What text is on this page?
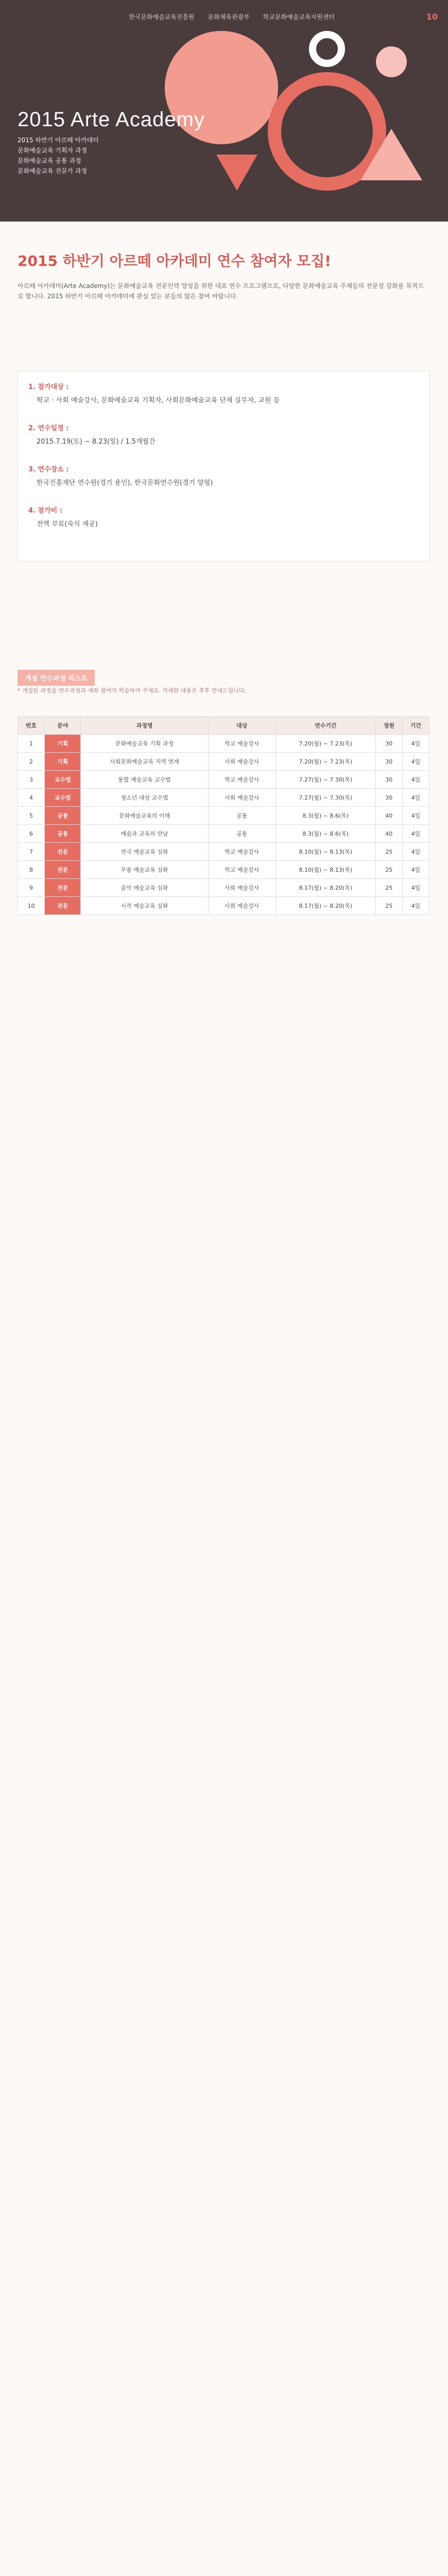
한국문화예술교육진흥원 문화체육관광부 학교문화예술교육지원센터	10
2015 Arte Academy
2015 하반기 아르떼 아카데미
문화예술교육 기획자 과정
문화예술교육 공통 과정
문화예술교육 전문가 과정
2015 하반기 아르떼 아카데미 연수 참여자 모집!
아르떼 아카데미(Arte Academy)는 문화예술교육 전문인력 양성을 위한 대표 연수 프로그램으로, 다양한 문화예술교육 주체들의 전문성 강화를 목적으로 합니다. 2015 하반기 아르떼 아카데미에 관심 있는 분들의 많은 참여 바랍니다.
1. 참가대상 :
학교 · 사회 예술강사, 문화예술교육 기획자, 사회문화예술교육 단체 실무자, 교원 등
2. 연수일정 :
2015.7.19(토) ~ 8.23(일) / 1.5개월간
3. 연수장소 :
한국진흥재단 연수원(경기 용인), 한국문화연수원(경기 양평)
4. 참가비 :
전액 무료(숙식 제공)
개설 연수과정 리스트
* 개설된 과정을 연수과정과 계좌 참여자 학습하여 주세요. 자세한 내용은 추후 안내드립니다.
번호	분야	과정명	대상	연수기간	정원	기간
1	기획	문화예술교육 기획 과정	학교 예술강사	7.20(월) ~ 7.23(목)	30	4일
2	기획	사회문화예술교육 지역 연계	사회 예술강사	7.20(월) ~ 7.23(목)	30	4일
3	교수법	통합 예술교육 교수법	학교 예술강사	7.27(월) ~ 7.30(목)	30	4일
4	교수법	청소년 대상 교수법	사회 예술강사	7.27(월) ~ 7.30(목)	30	4일
5	공통	문화예술교육의 이해	공통	8.3(월) ~ 8.6(목)	40	4일
6	공통	예술과 교육의 만남	공통	8.3(월) ~ 8.6(목)	40	4일
7	전문	연극 예술교육 심화	학교 예술강사	8.10(월) ~ 8.13(목)	25	4일
8	전문	무용 예술교육 심화	학교 예술강사	8.10(월) ~ 8.13(목)	25	4일
9	전문	음악 예술교육 심화	사회 예술강사	8.17(월) ~ 8.20(목)	25	4일
10	전문	시각 예술교육 심화	사회 예술강사	8.17(월) ~ 8.20(목)	25	4일
